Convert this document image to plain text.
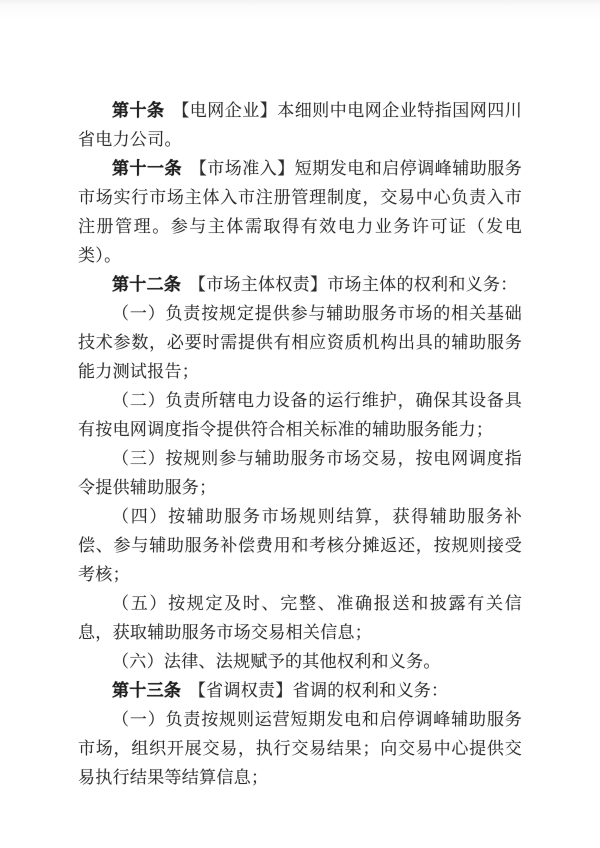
第十条 【电网企业】本细则中电网企业特指国网四川省电力公司。

第十一条 【市场准入】短期发电和启停调峰辅助服务市场实行市场主体入市注册管理制度，交易中心负责入市注册管理。参与主体需取得有效电力业务许可证（发电类）。

第十二条 【市场主体权责】市场主体的权利和义务：

（一）负责按规定提供参与辅助服务市场的相关基础技术参数，必要时需提供有相应资质机构出具的辅助服务能力测试报告；

（二）负责所辖电力设备的运行维护，确保其设备具有按电网调度指令提供符合相关标准的辅助服务能力；

（三）按规则参与辅助服务市场交易，按电网调度指令提供辅助服务；

（四）按辅助服务市场规则结算，获得辅助服务补偿、参与辅助服务补偿费用和考核分摊返还，按规则接受考核；

（五）按规定及时、完整、准确报送和披露有关信息，获取辅助服务市场交易相关信息；

（六）法律、法规赋予的其他权利和义务。

第十三条 【省调权责】省调的权利和义务：

（一）负责按规则运营短期发电和启停调峰辅助服务市场，组织开展交易，执行交易结果；向交易中心提供交易执行结果等结算信息；
